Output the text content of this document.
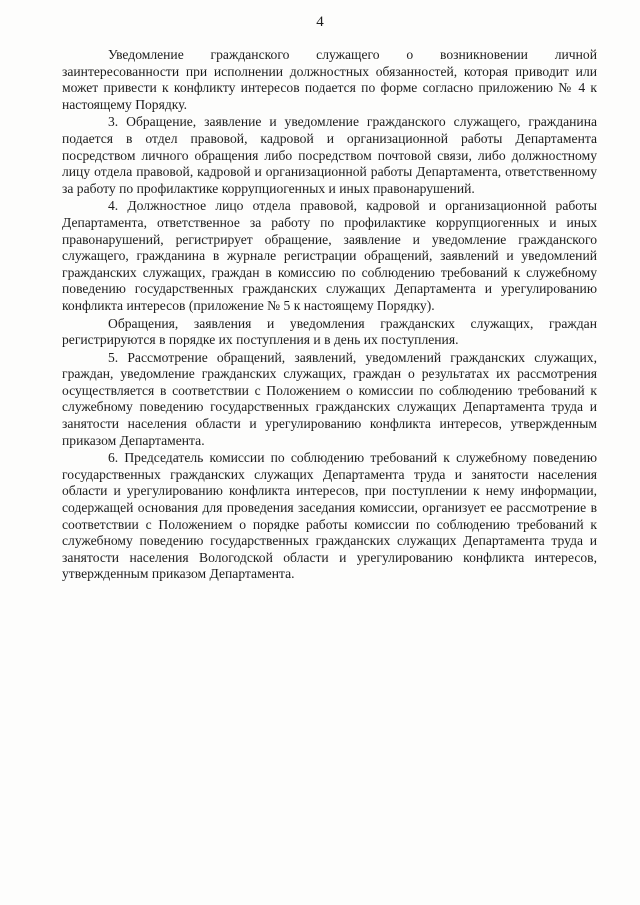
4

Уведомление гражданского служащего о возникновении личной заинтересованности при исполнении должностных обязанностей, которая приводит или может привести к конфликту интересов подается по форме согласно приложению № 4 к настоящему Порядку.

3. Обращение, заявление и уведомление гражданского служащего, гражданина подается в отдел правовой, кадровой и организационной работы Департамента посредством личного обращения либо посредством почтовой связи, либо должностному лицу отдела правовой, кадровой и организационной работы Департамента, ответственному за работу по профилактике коррупциогенных и иных правонарушений.

4. Должностное лицо отдела правовой, кадровой и организационной работы Департамента, ответственное за работу по профилактике коррупциогенных и иных правонарушений, регистрирует обращение, заявление и уведомление гражданского служащего, гражданина в журнале регистрации обращений, заявлений и уведомлений гражданских служащих, граждан в комиссию по соблюдению требований к служебному поведению государственных гражданских служащих Департамента и урегулированию конфликта интересов (приложение № 5 к настоящему Порядку).

Обращения, заявления и уведомления гражданских служащих, граждан регистрируются в порядке их поступления и в день их поступления.

5. Рассмотрение обращений, заявлений, уведомлений гражданских служащих, граждан, уведомление гражданских служащих, граждан о результатах их рассмотрения осуществляется в соответствии с Положением о комиссии по соблюдению требований к служебному поведению государственных гражданских служащих Департамента труда и занятости населения области и урегулированию конфликта интересов, утвержденным приказом Департамента.

6. Председатель комиссии по соблюдению требований к служебному поведению государственных гражданских служащих Департамента труда и занятости населения области и урегулированию конфликта интересов, при поступлении к нему информации, содержащей основания для проведения заседания комиссии, организует ее рассмотрение в соответствии с Положением о порядке работы комиссии по соблюдению требований к служебному поведению государственных гражданских служащих Департамента труда и занятости населения Вологодской области и урегулированию конфликта интересов, утвержденным приказом Департамента.
